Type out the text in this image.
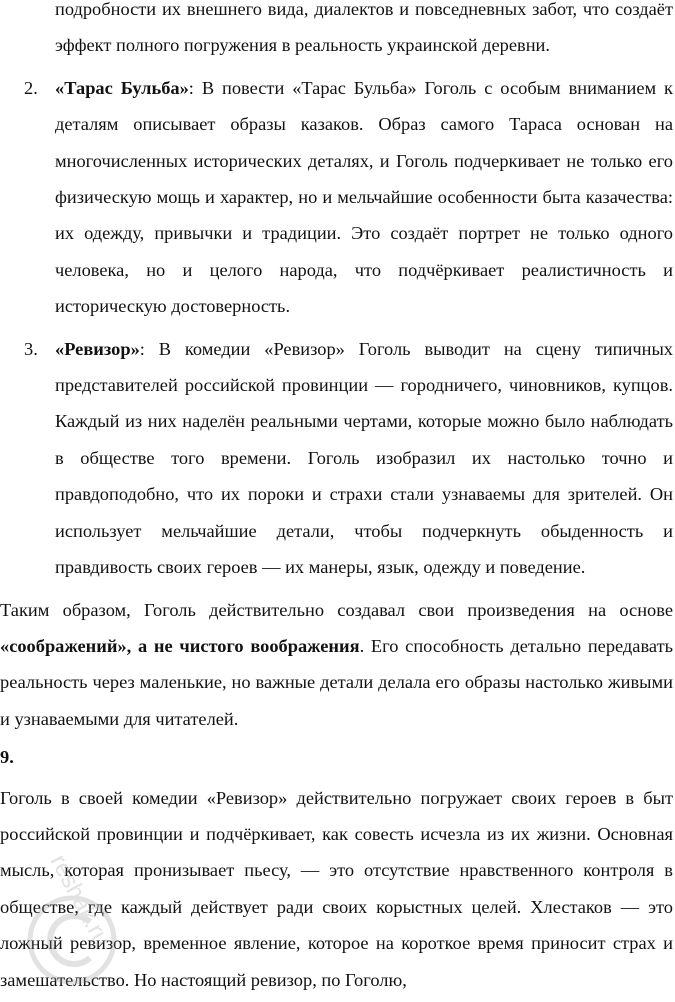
подробности их внешнего вида, диалектов и повседневных забот, что создаёт эффект полного погружения в реальность украинской деревни.

2. «Тарас Бульба»: В повести «Тарас Бульба» Гоголь с особым вниманием к деталям описывает образы казаков. Образ самого Тараса основан на многочисленных исторических деталях, и Гоголь подчеркивает не только его физическую мощь и характер, но и мельчайшие особенности быта казачества: их одежду, привычки и традиции. Это создаёт портрет не только одного человека, но и целого народа, что подчёркивает реалистичность и историческую достоверность.
3. «Ревизор»: В комедии «Ревизор» Гоголь выводит на сцену типичных представителей российской провинции — городничего, чиновников, купцов. Каждый из них наделён реальными чертами, которые можно было наблюдать в обществе того времени. Гоголь изобразил их настолько точно и правдоподобно, что их пороки и страхи стали узнаваемы для зрителей. Он использует мельчайшие детали, чтобы подчеркнуть обыденность и правдивость своих героев — их манеры, язык, одежду и поведение.

Таким образом, Гоголь действительно создавал свои произведения на основе «соображений», а не чистого воображения. Его способность детально передавать реальность через маленькие, но важные детали делала его образы настолько живыми и узнаваемыми для читателей.

9.

Гоголь в своей комедии «Ревизор» действительно погружает своих героев в быт российской провинции и подчёркивает, как совесть исчезла из их жизни. Основная мысль, которая пронизывает пьесу, — это отсутствие нравственного контроля в обществе, где каждый действует ради своих корыстных целей. Хлестаков — это ложный ревизор, временное явление, которое на короткое время приносит страх и замешательство. Но настоящий ревизор, по Гоголю,

reshak.ru
